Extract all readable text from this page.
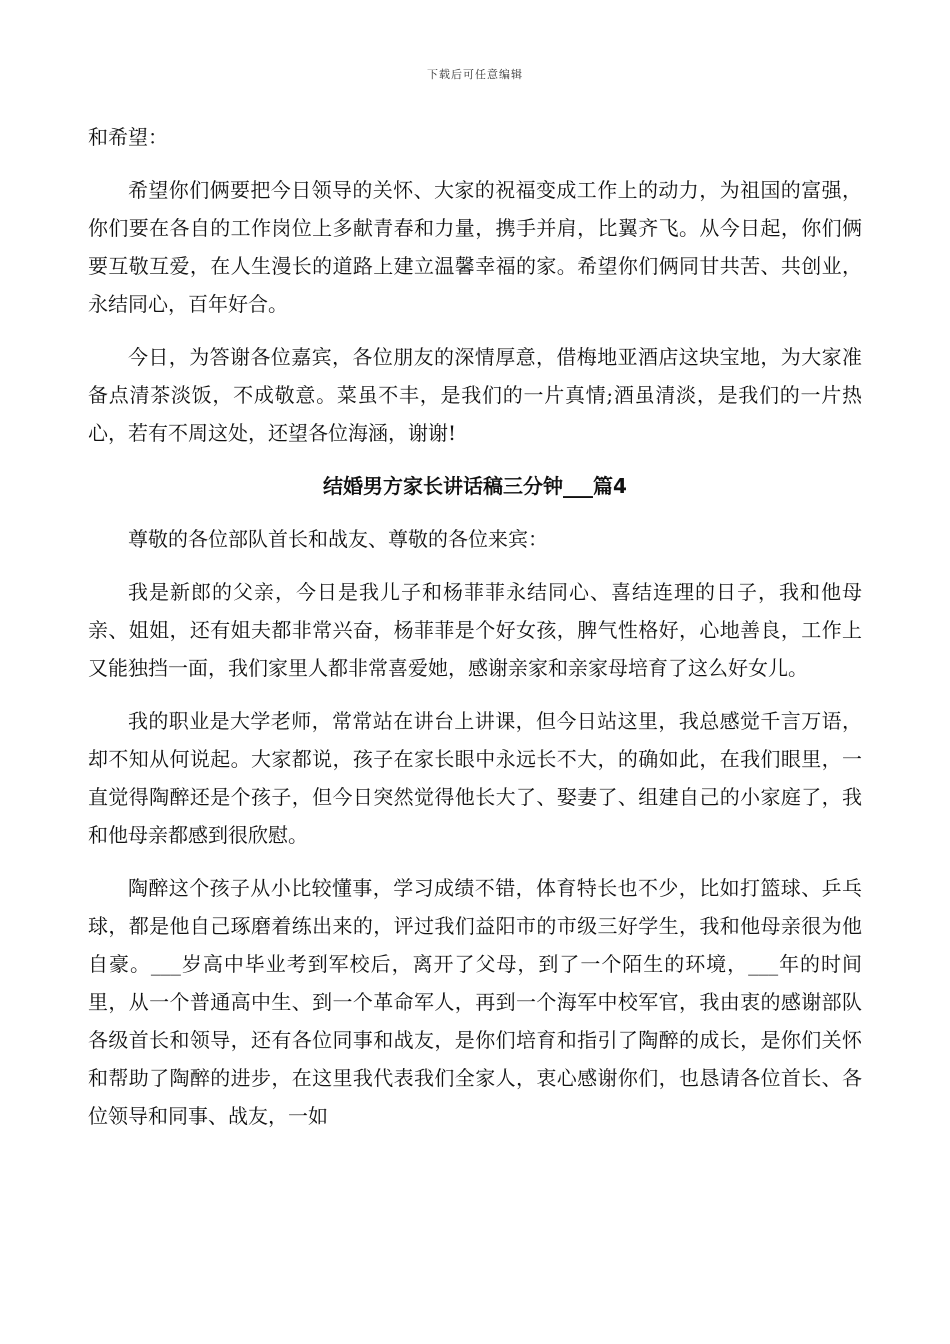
下载后可任意编辑

和希望：

希望你们俩要把今日领导的关怀、大家的祝福变成工作上的动力，为祖国的富强，你们要在各自的工作岗位上多献青春和力量，携手并肩，比翼齐飞。从今日起，你们俩要互敬互爱，在人生漫长的道路上建立温馨幸福的家。希望你们俩同甘共苦、共创业，永结同心，百年好合。

今日，为答谢各位嘉宾，各位朋友的深情厚意，借梅地亚酒店这块宝地，为大家准备点清茶淡饭，不成敬意。菜虽不丰，是我们的一片真情;酒虽清淡，是我们的一片热心，若有不周这处，还望各位海涵，谢谢!

结婚男方家长讲话稿三分钟___篇4

尊敬的各位部队首长和战友、尊敬的各位来宾：

我是新郎的父亲，今日是我儿子和杨菲菲永结同心、喜结连理的日子，我和他母亲、姐姐，还有姐夫都非常兴奋，杨菲菲是个好女孩，脾气性格好，心地善良，工作上又能独挡一面，我们家里人都非常喜爱她，感谢亲家和亲家母培育了这么好女儿。

我的职业是大学老师，常常站在讲台上讲课，但今日站这里，我总感觉千言万语，却不知从何说起。大家都说，孩子在家长眼中永远长不大，的确如此，在我们眼里，一直觉得陶醉还是个孩子，但今日突然觉得他长大了、娶妻了、组建自己的小家庭了，我和他母亲都感到很欣慰。

陶醉这个孩子从小比较懂事，学习成绩不错，体育特长也不少，比如打篮球、乒乓球，都是他自己琢磨着练出来的，评过我们益阳市的市级三好学生，我和他母亲很为他自豪。___岁高中毕业考到军校后，离开了父母，到了一个陌生的环境，___年的时间里，从一个普通高中生、到一个革命军人，再到一个海军中校军官，我由衷的感谢部队各级首长和领导，还有各位同事和战友，是你们培育和指引了陶醉的成长，是你们关怀和帮助了陶醉的进步，在这里我代表我们全家人，衷心感谢你们，也恳请各位首长、各位领导和同事、战友，一如
